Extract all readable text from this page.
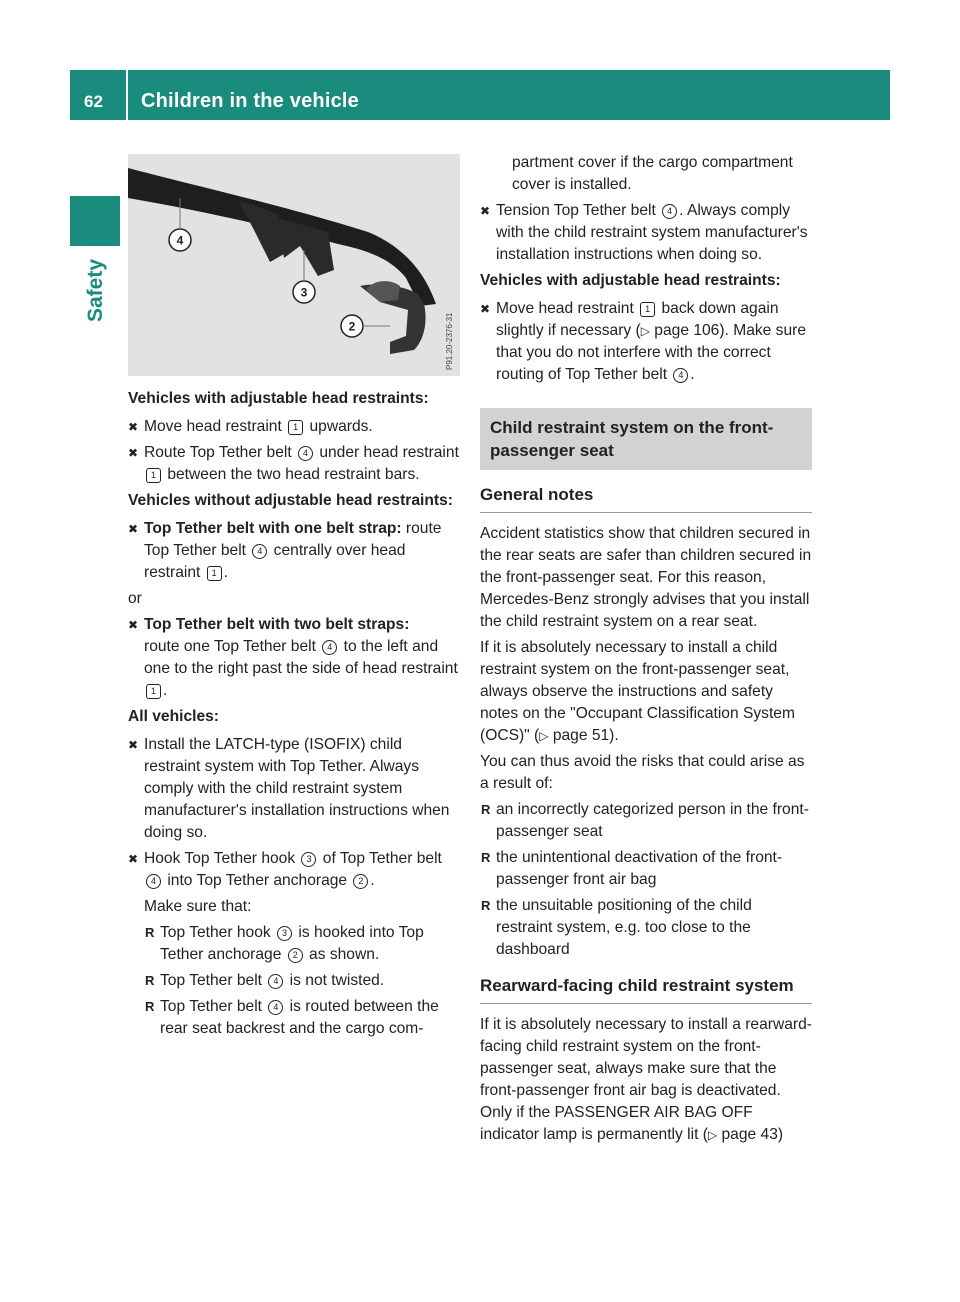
62 Children in the vehicle
Safety
4
3
2	P91.20-2376-31

Vehicles with adjustable head restraints:

✖ Move head restraint 1 upwards.
✖ Route Top Tether belt 4 under head restraint 1 between the two head restraint bars.

Vehicles without adjustable head restraints:

✖ Top Tether belt with one belt strap: route Top Tether belt 4 centrally over head restraint 1 .

or

✖ Top Tether belt with two belt straps:
route one Top Tether belt 4 to the left and one to the right past the side of head restraint 1 .

All vehicles:

✖ Install the LATCH-type (ISOFIX) child restraint system with Top Tether. Always comply with the child restraint system manufacturer's installation instructions when doing so.
✖ Hook Top Tether hook 3 of Top Tether belt 4 into Top Tether anchorage 2 .

Make sure that:

R Top Tether hook 3 is hooked into Top Tether anchorage 2 as shown.
R Top Tether belt 4 is not twisted.
R Top Tether belt 4 is routed between the rear seat backrest and the cargo com-

partment cover if the cargo compartment cover is installed.

✖ Tension Top Tether belt 4 . Always comply with the child restraint system manufacturer's installation instructions when doing so.

Vehicles with adjustable head restraints:

✖ Move head restraint 1 back down again slightly if necessary (▷ page 106). Make sure that you do not interfere with the correct routing of Top Tether belt 4 .
Child restraint system on the front-passenger seat
General notes

Accident statistics show that children secured in the rear seats are safer than children secured in the front-passenger seat. For this reason, Mercedes-Benz strongly advises that you install the child restraint system on a rear seat.

If it is absolutely necessary to install a child restraint system on the front-passenger seat, always observe the instructions and safety notes on the "Occupant Classification System (OCS)" (▷ page 51).

You can thus avoid the risks that could arise as a result of:

R an incorrectly categorized person in the front-passenger seat
R the unintentional deactivation of the front-passenger front air bag
R the unsuitable positioning of the child restraint system, e.g. too close to the dashboard
Rearward-facing child restraint system

If it is absolutely necessary to install a rearward-facing child restraint system on the front-passenger seat, always make sure that the front-passenger front air bag is deactivated. Only if the PASSENGER AIR BAG OFF indicator lamp is permanently lit (▷ page 43)
